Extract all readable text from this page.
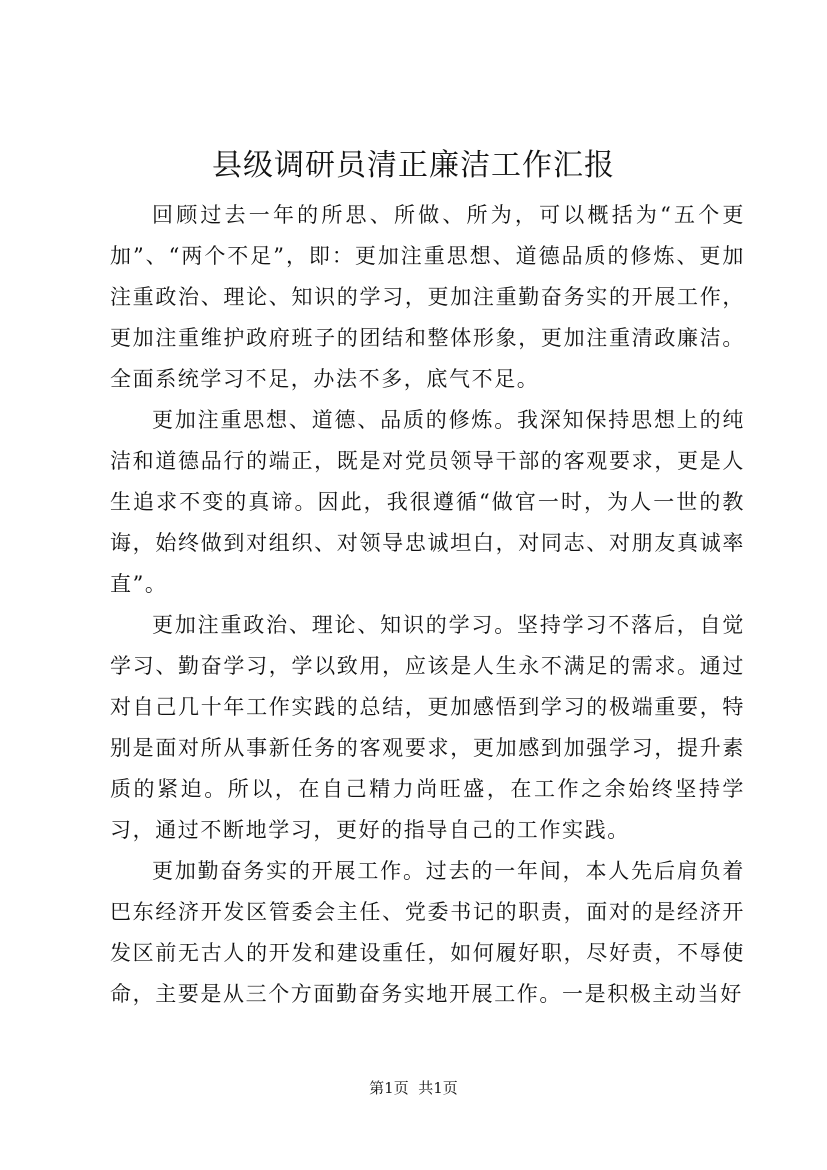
县级调研员清正廉洁工作汇报

回顾过去一年的所思、所做、所为，可以概括为“五个更加”、“两个不足”，即：更加注重思想、道德品质的修炼、更加注重政治、理论、知识的学习，更加注重勤奋务实的开展工作，更加注重维护政府班子的团结和整体形象，更加注重清政廉洁。全面系统学习不足，办法不多，底气不足。

更加注重思想、道德、品质的修炼。我深知保持思想上的纯洁和道德品行的端正，既是对党员领导干部的客观要求，更是人生追求不变的真谛。因此，我很遵循“做官一时，为人一世的教诲，始终做到对组织、对领导忠诚坦白，对同志、对朋友真诚率直”。

更加注重政治、理论、知识的学习。坚持学习不落后，自觉学习、勤奋学习，学以致用，应该是人生永不满足的需求。通过对自己几十年工作实践的总结，更加感悟到学习的极端重要，特别是面对所从事新任务的客观要求，更加感到加强学习，提升素质的紧迫。所以，在自己精力尚旺盛，在工作之余始终坚持学习，通过不断地学习，更好的指导自己的工作实践。

更加勤奋务实的开展工作。过去的一年间，本人先后肩负着巴东经济开发区管委会主任、党委书记的职责，面对的是经济开发区前无古人的开发和建设重任，如何履好职，尽好责，不辱使命，主要是从三个方面勤奋务实地开展工作。一是积极主动当好

第1页 共1页
